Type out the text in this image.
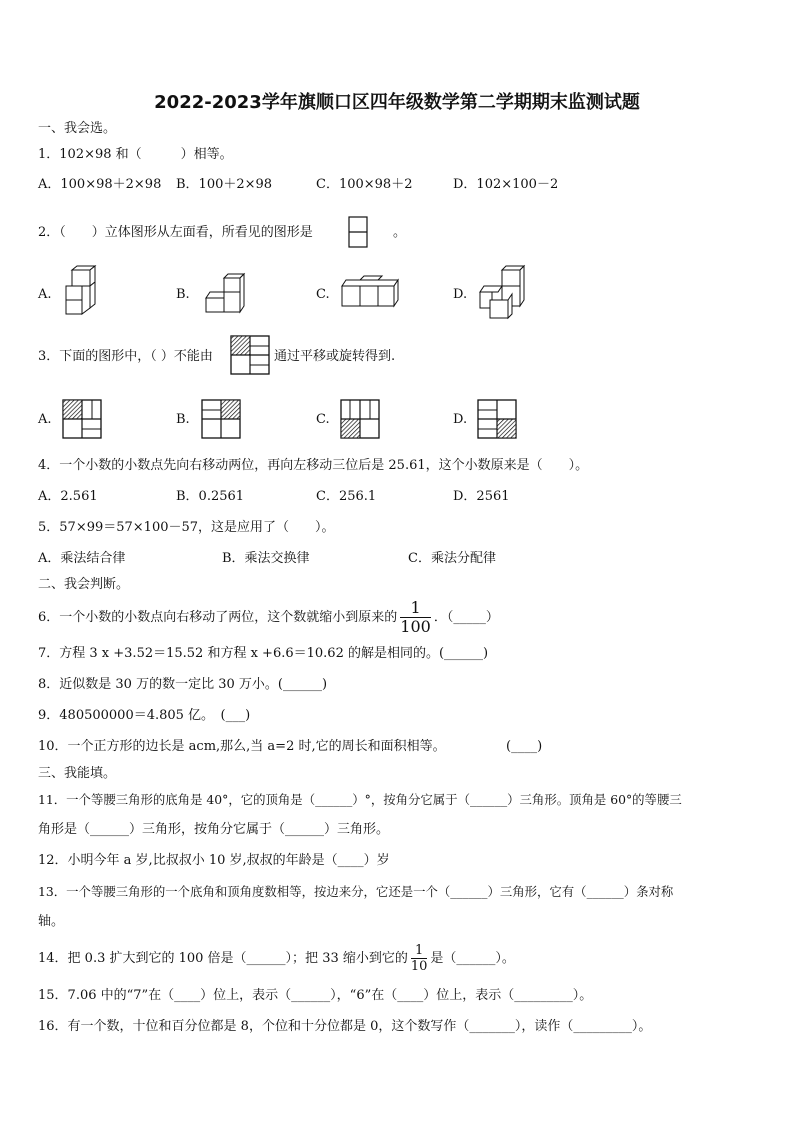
2022-2023学年旗顺口区四年级数学第二学期期末监测试题
一、我会选。
1．102×98 和（　　　）相等。
A．100×98＋2×98 B．100＋2×98	C．100×98＋2	D．102×100－2
2．（　　）立体图形从左面看，所看见的图形是	。
A.	B.	C.	D.
3．下面的图形中，（ ）不能由	通过平移或旋转得到.
A.	B.	C.	D.
4．一个小数的小数点先向右移动两位，再向左移动三位后是 25.61，这个小数原来是（　　）。
A．2.561	B．0.2561	C．256.1	D．2561
5．57×99＝57×100－57，这是应用了（　　）。
A．乘法结合律	B．乘法交换律	C．乘法分配律
二、我会判断。
6．一个小数的小数点向右移动了两位，这个数就缩小到原来的 $\frac{1}{100}$ ．（_____）
7．方程 3 x +3.52＝15.52 和方程 x +6.6＝10.62 的解是相同的。(______)
8．近似数是 30 万的数一定比 30 万小。(______)
9．480500000＝4.805 亿。　(___)
10．一个正方形的边长是 acm,那么,当 a=2 时,它的周长和面积相等。	(____)
三、我能填。
11．一个等腰三角形的底角是 40°，它的顶角是（______）°，按角分它属于（______）三角形。顶角是 60°的等腰三
角形是（______）三角形，按角分它属于（______）三角形。
12．小明今年 a 岁,比叔叔小 10 岁,叔叔的年龄是（____）岁
13．一个等腰三角形的一个底角和顶角度数相等，按边来分，它还是一个（______）三角形，它有（______）条对称
轴。
14．把 0.3 扩大到它的 100 倍是（______）；把 33 缩小到它的 $\frac{1}{10}$ 是（______）。
15．7.06 中的“7”在（____）位上，表示（______），“6”在（____）位上，表示（_________）。
16．有一个数，十位和百分位都是 8，个位和十分位都是 0，这个数写作（_______），读作（_________）。
